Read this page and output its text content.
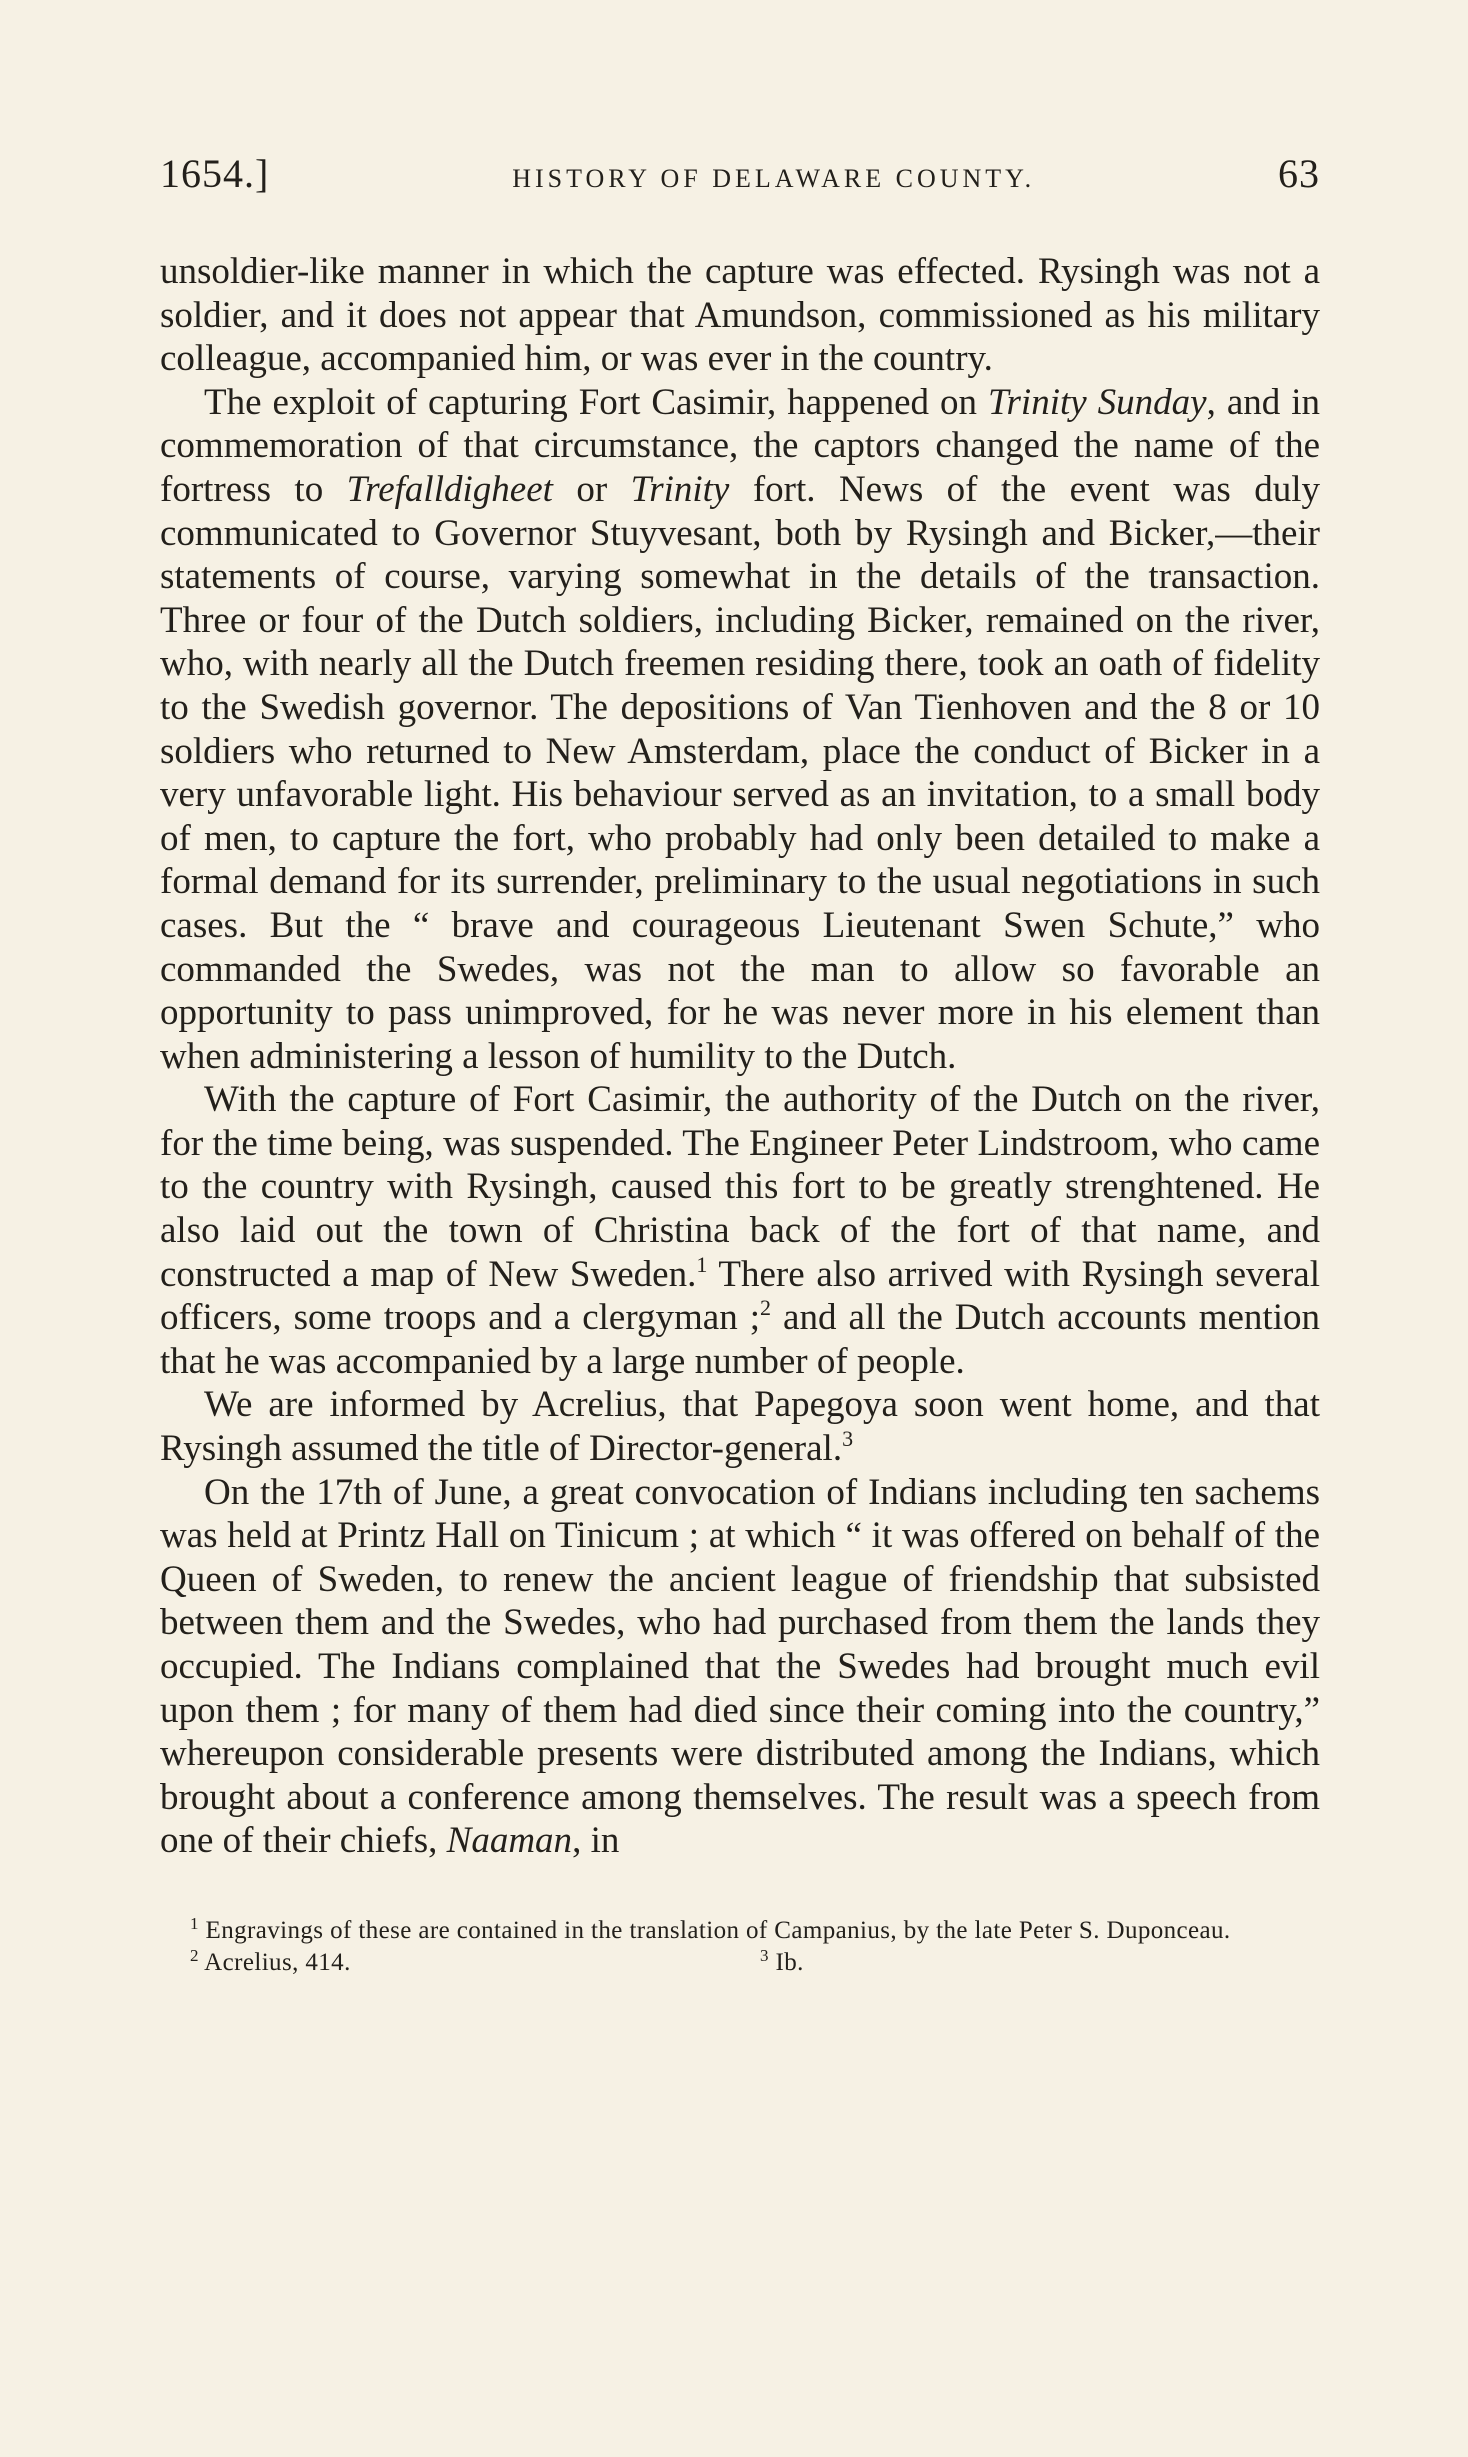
1654.]	HISTORY OF DELAWARE COUNTY.	63

unsoldier-like manner in which the capture was effected. Rysingh was not a soldier, and it does not appear that Amundson, commissioned as his military colleague, accompanied him, or was ever in the country.

The exploit of capturing Fort Casimir, happened on Trinity Sunday, and in commemoration of that circumstance, the captors changed the name of the fortress to Trefalldigheet or Trinity fort. News of the event was duly communicated to Governor Stuyvesant, both by Rysingh and Bicker,—their statements of course, varying somewhat in the details of the transaction. Three or four of the Dutch soldiers, including Bicker, remained on the river, who, with nearly all the Dutch freemen residing there, took an oath of fidelity to the Swedish governor. The depositions of Van Tienhoven and the 8 or 10 soldiers who returned to New Amsterdam, place the conduct of Bicker in a very unfavorable light. His behaviour served as an invitation, to a small body of men, to capture the fort, who probably had only been detailed to make a formal demand for its surrender, preliminary to the usual negotiations in such cases. But the “ brave and courageous Lieutenant Swen Schute,” who commanded the Swedes, was not the man to allow so favorable an opportunity to pass unimproved, for he was never more in his element than when administering a lesson of humility to the Dutch.

With the capture of Fort Casimir, the authority of the Dutch on the river, for the time being, was suspended. The Engineer Peter Lindstroom, who came to the country with Rysingh, caused this fort to be greatly strenghtened. He also laid out the town of Christina back of the fort of that name, and constructed a map of New Sweden.$^1$ There also arrived with Rysingh several officers, some troops and a clergyman ;$^2$ and all the Dutch accounts mention that he was accompanied by a large number of people.

We are informed by Acrelius, that Papegoya soon went home, and that Rysingh assumed the title of Director-general.$^3$

On the 17th of June, a great convocation of Indians including ten sachems was held at Printz Hall on Tinicum ; at which “ it was offered on behalf of the Queen of Sweden, to renew the ancient league of friendship that subsisted between them and the Swedes, who had purchased from them the lands they occupied. The Indians complained that the Swedes had brought much evil upon them ; for many of them had died since their coming into the country,” whereupon considerable presents were distributed among the Indians, which brought about a conference among themselves. The result was a speech from one of their chiefs, Naaman, in

$^1$ Engravings of these are contained in the translation of Campanius, by the late Peter S. Duponceau.

$^2$ Acrelius, 414.	$^3$ Ib.
